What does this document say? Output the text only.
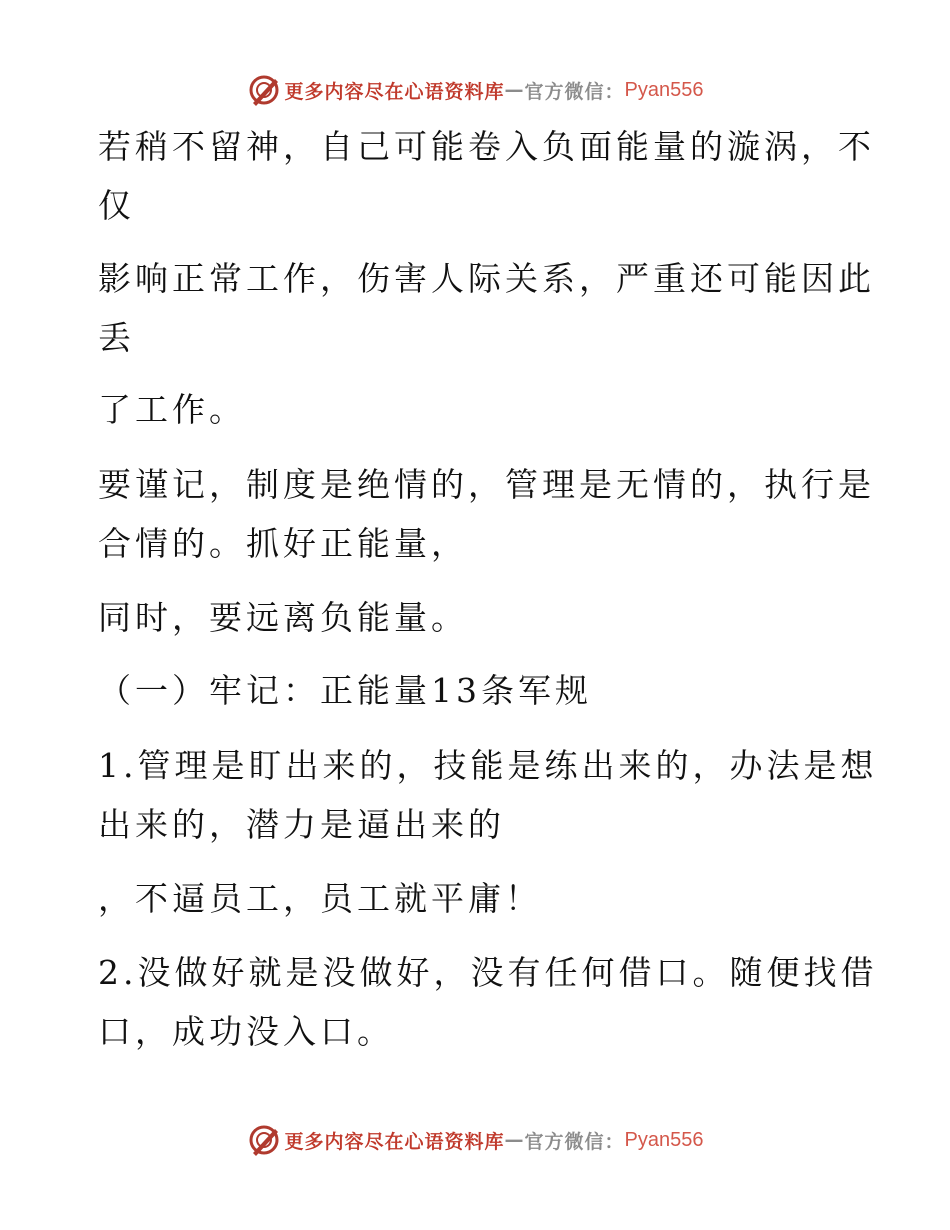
更多内容尽在心语资料库 — 官方微信： Pyan556

若稍不留神，自己可能卷入负面能量的漩涡，不

仅

影响正常工作，伤害人际关系，严重还可能因此

丢

了工作。

要谨记，制度是绝情的，管理是无情的，执行是

合情的。抓好正能量，

同时，要远离负能量。

（一）牢记：正能量13条军规

1.管理是盯出来的，技能是练出来的，办法是想

出来的，潜力是逼出来的

，不逼员工，员工就平庸！

2.没做好就是没做好，没有任何借口。随便找借

口，成功没入口。

更多内容尽在心语资料库 — 官方微信： Pyan556
